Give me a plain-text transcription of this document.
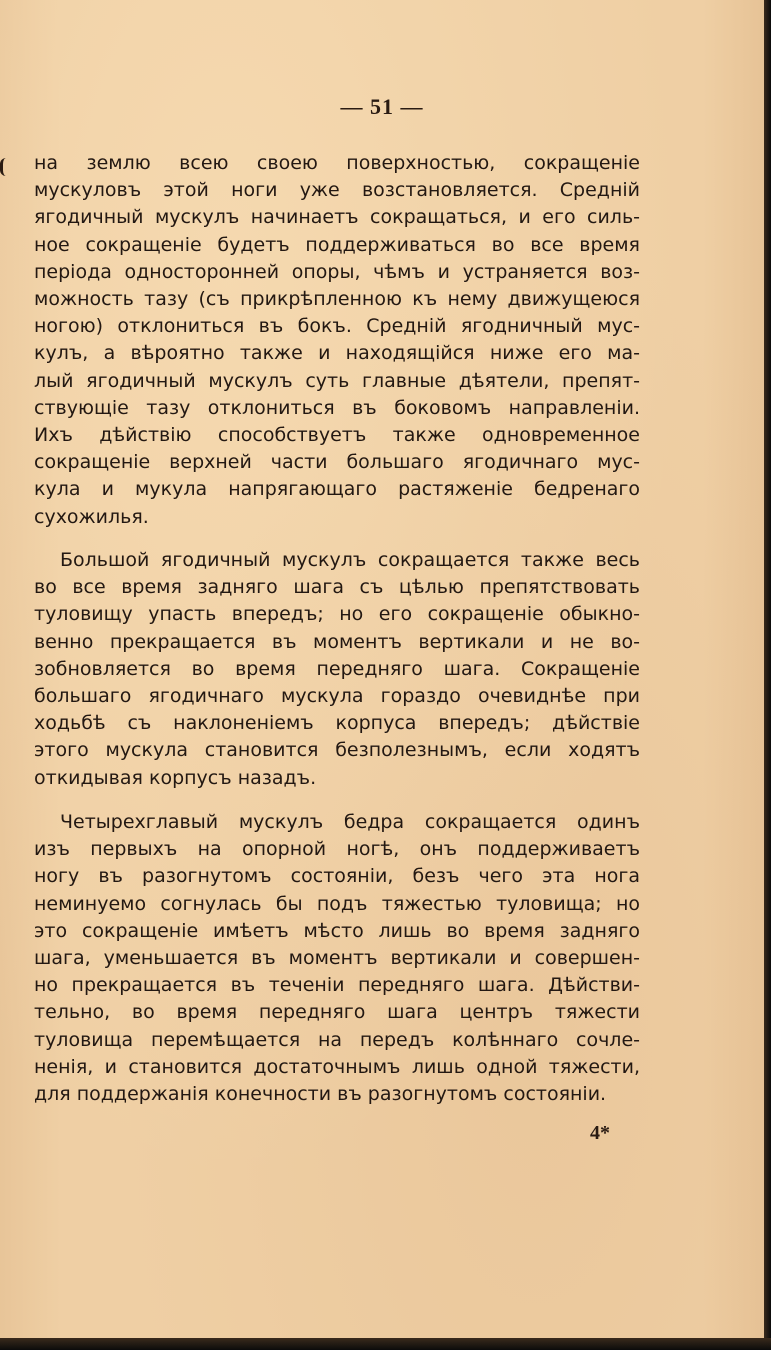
— 51 —
на землю всею своею поверхностью, сокращенiе
мускуловъ этой ноги уже возстановляется. Среднiй
ягодичный мускулъ начинаетъ сокращаться, и его силь-
ное сокращенiе будетъ поддерживаться во все время
перiода односторонней опоры, чѣмъ и устраняется воз-
можность тазу (съ прикрѣпленною къ нему движущеюся
ногою) отклониться въ бокъ. Среднiй ягодничный мус-
кулъ, а вѣроятно также и находящiйся ниже его ма-
лый ягодичный мускулъ суть главные дѣятели, препят-
ствующiе тазу отклониться въ боковомъ направленiи.
Ихъ дѣйствiю способствуетъ также одновременное
сокращенiе верхней части большаго ягодичнаго мус-
кула и мукула напрягающаго растяженiе бедренаго
сухожилья.
Большой ягодичный мускулъ сокращается также весь
во все время задняго шага съ цѣлью препятствовать
туловищу упасть впередъ; но его сокращенiе обыкно-
венно прекращается въ моментъ вертикали и не во-
зобновляется во время передняго шага. Сокращенiе
большаго ягодичнаго мускула гораздо очевиднѣе при
ходьбѣ съ наклоненiемъ корпуса впередъ; дѣйствiе
этого мускула становится безполезнымъ, если ходятъ
откидывая корпусъ назадъ.
Четырехглавый мускулъ бедра сокращается одинъ
изъ первыхъ на опорной ногѣ, онъ поддерживаетъ
ногу въ разогнутомъ состоянiи, безъ чего эта нога
неминуемо согнулась бы подъ тяжестью туловища; но
это сокращенiе имѣетъ мѣсто лишь во время задняго
шага, уменьшается въ моментъ вертикали и совершен-
но прекращается въ теченiи передняго шага. Дѣйстви-
тельно, во время передняго шага центръ тяжести
туловища перемѣщается на передъ колѣннаго сочле-
ненiя, и становится достаточнымъ лишь одной тяжести,
для поддержанiя конечности въ разогнутомъ состоянiи.
4*
